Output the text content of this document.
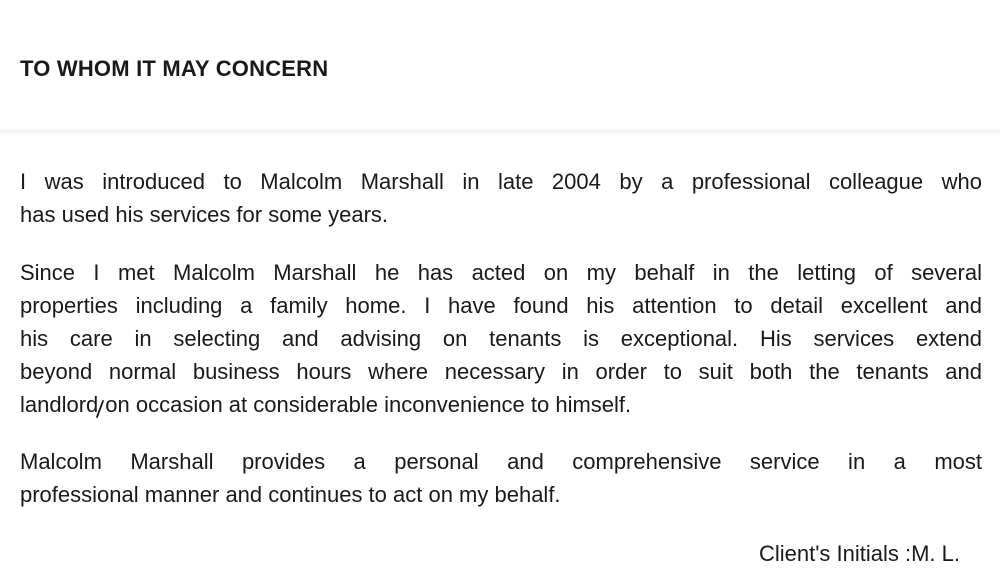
TO WHOM IT MAY CONCERN

I was introduced to Malcolm Marshall in late 2004 by a professional colleague who
has used his services for some years.

Since I met Malcolm Marshall he has acted on my behalf in the letting of several
properties including a family home. I have found his attention to detail excellent and
his care in selecting and advising on tenants is exceptional. His services extend
beyond normal business hours where necessary in order to suit both the tenants and
landlord on occasion at considerable inconvenience to himself.

Malcolm Marshall provides a personal and comprehensive service in a most
professional manner and continues to act on my behalf.

Client's Initials :M. L.
